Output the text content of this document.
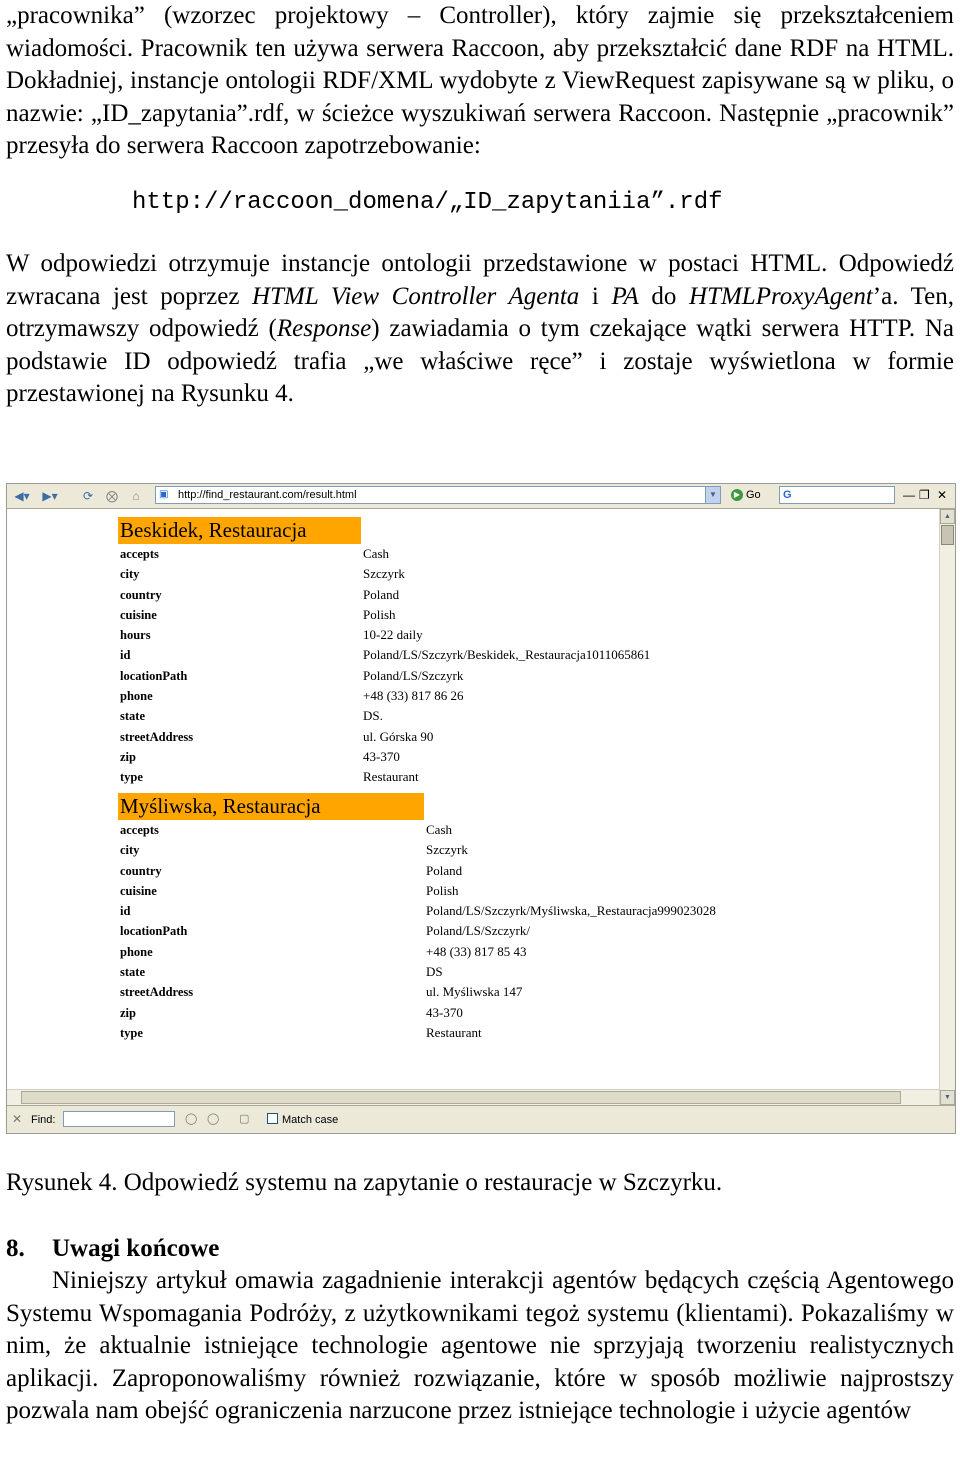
„pracownika” (wzorzec projektowy – Controller), który zajmie się przekształceniem wiadomości. Pracownik ten używa serwera Raccoon, aby przekształcić dane RDF na HTML. Dokładniej, instancje ontologii RDF/XML wydobyte z ViewRequest zapisywane są w pliku, o nazwie: „ID_zapytania”.rdf, w ścieżce wyszukiwań serwera Raccoon. Następnie „pracownik” przesyła do serwera Raccoon zapotrzebowanie:

http://raccoon_domena/„ID_zapytaniia”.rdf

W odpowiedzi otrzymuje instancje ontologii przedstawione w postaci HTML. Odpowiedź zwracana jest poprzez HTML View Controller Agenta i PA do HTMLProxyAgent’a. Ten, otrzymawszy odpowiedź (Response) zawiadamia o tym czekające wątki serwera HTTP. Na podstawie ID odpowiedź trafia „we właściwe ręce” i zostaje wyświetlona w formie przestawionej na Rysunku 4.

◀▾ ▶▾	⟳	⨂	⌂	▣ http://find_restaurant.com/result.html	▼	▶ Go	G	— ❐ ✕
Beskidek, Restauracja
accepts	Cash
city	Szczyrk
country	Poland
cuisine	Polish
hours	10-22 daily
id	Poland/LS/Szczyrk/Beskidek,_Restauracja1011065861
locationPath	Poland/LS/Szczyrk
phone	+48 (33) 817 86 26
state	DS.
streetAddress	ul. Górska 90
zip	43-370
type	Restaurant
Myśliwska, Restauracja
accepts	Cash
city	Szczyrk
country	Poland
cuisine	Polish
id	Poland/LS/Szczyrk/Myśliwska,_Restauracja999023028
locationPath	Poland/LS/Szczyrk/
phone	+48 (33) 817 85 43
state	DS
streetAddress	ul. Myśliwska 147
zip	43-370
type	Restaurant
▲
▼
✕ Find:	◯ ◯ ▢	Match case
Rysunek 4. Odpowiedź systemu na zapytanie o restauracje w Szczyrku.
8. Uwagi końcowe

Niniejszy artykuł omawia zagadnienie interakcji agentów będących częścią Agentowego Systemu Wspomagania Podróży, z użytkownikami tegoż systemu (klientami). Pokazaliśmy w nim, że aktualnie istniejące technologie agentowe nie sprzyjają tworzeniu realistycznych aplikacji. Zaproponowaliśmy również rozwiązanie, które w sposób możliwie najprostszy pozwala nam obejść ograniczenia narzucone przez istniejące technologie i użycie agentów
